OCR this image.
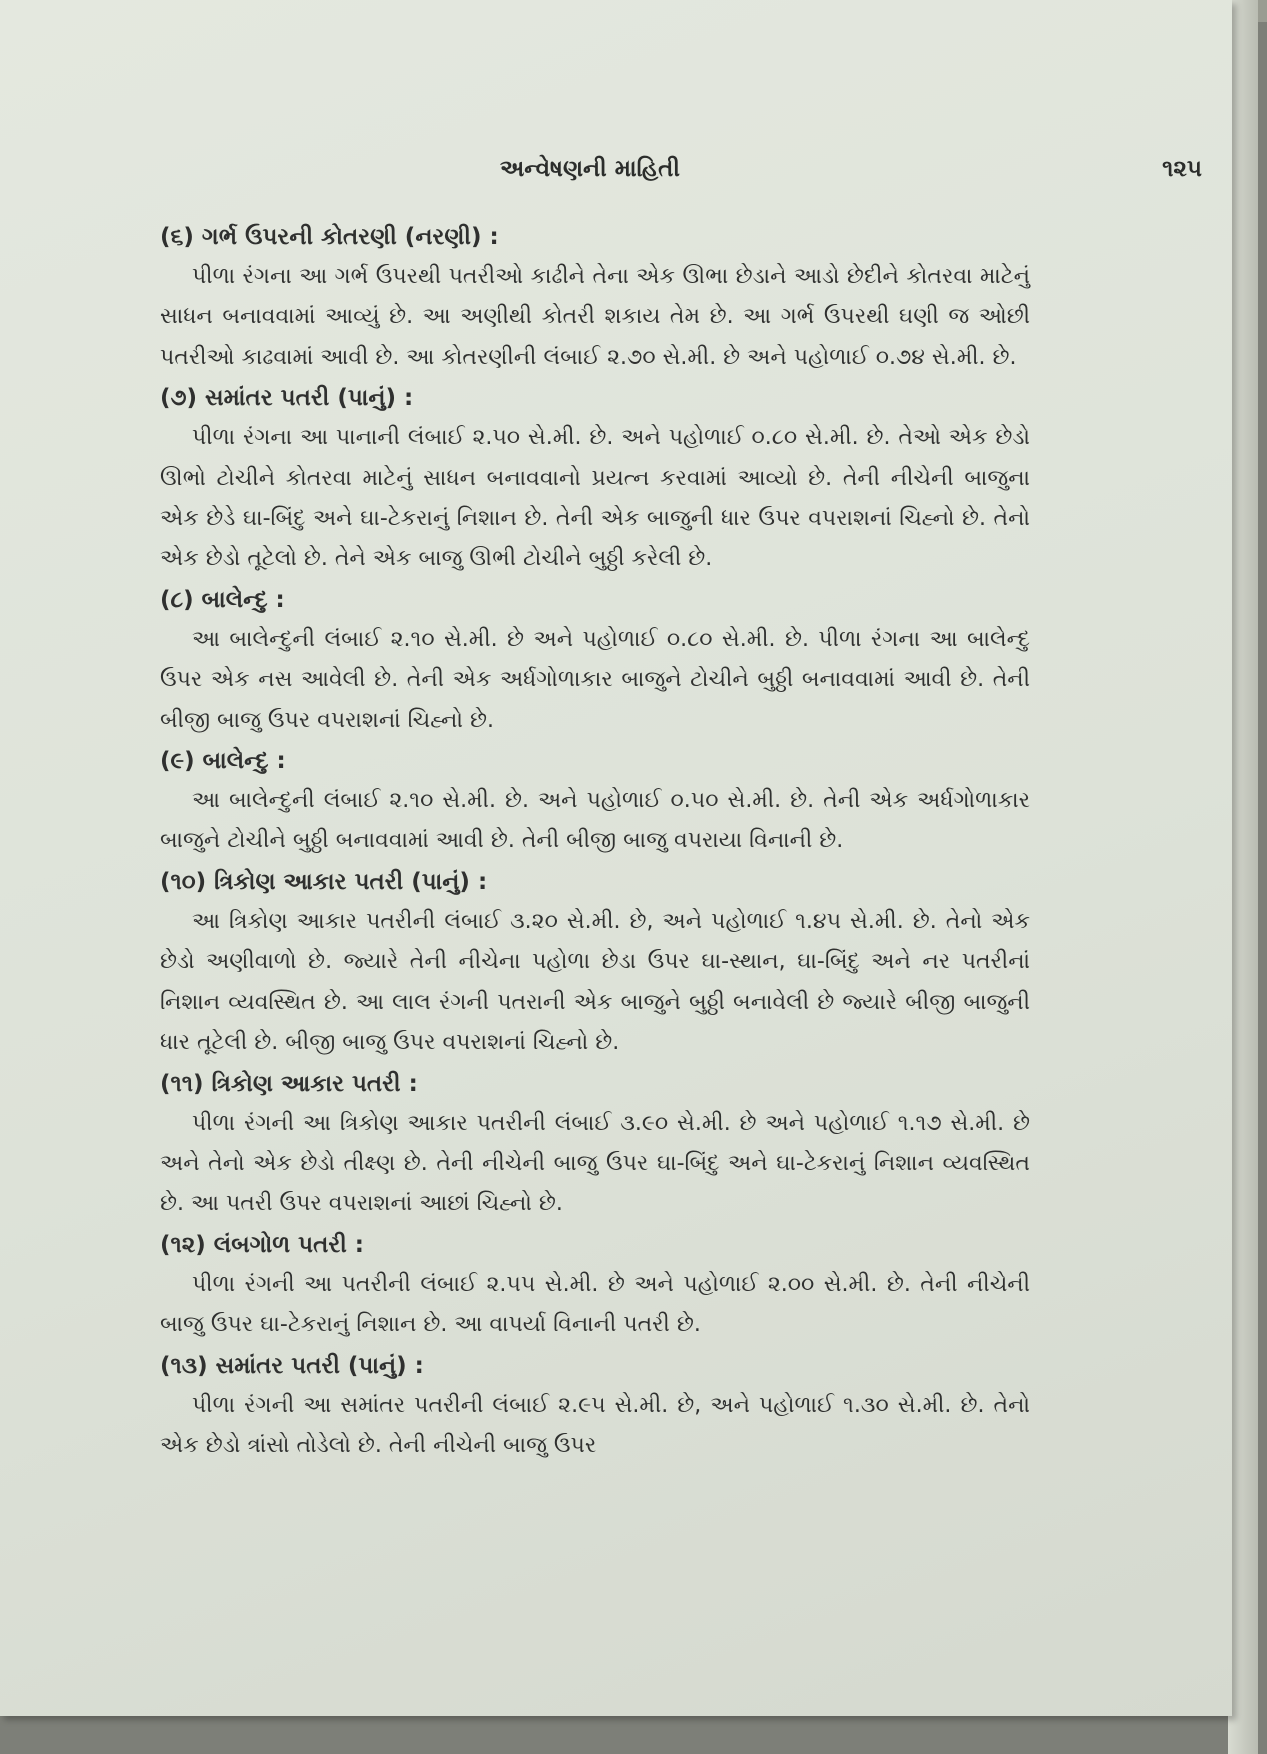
અન્વેષણની માહિતી	૧૨૫
(૬) ગર્ભ ઉપરની કોતરણી (નરણી) :

પીળા રંગના આ ગર્ભ ઉપરથી પતરીઓ કાઢીને તેના એક ઊભા છેડાને આડો છેદીને કોતરવા માટેનું સાધન બનાવવામાં આવ્યું છે. આ અણીથી કોતરી શકાય તેમ છે. આ ગર્ભ ઉપરથી ઘણી જ ઓછી પતરીઓ કાઢવામાં આવી છે. આ કોતરણીની લંબાઈ ૨.૭૦ સે.મી. છે અને પહોળાઈ ૦.૭૪ સે.મી. છે.

(૭) સમાંતર પતરી (પાનું) :

પીળા રંગના આ પાનાની લંબાઈ ૨.૫૦ સે.મી. છે. અને પહોળાઈ ૦.૮૦ સે.મી. છે. તેઓ એક છેડો ઊભો ટોચીને કોતરવા માટેનું સાધન બનાવવાનો પ્રયત્ન કરવામાં આવ્યો છે. તેની નીચેની બાજુના એક છેડે ઘા-બિંદુ અને ઘા-ટેકરાનું નિશાન છે. તેની એક બાજુની ધાર ઉપર વપરાશનાં ચિહ્નો છે. તેનો એક છેડો તૂટેલો છે. તેને એક બાજુ ઊભી ટોચીને બુઠ્ઠી કરેલી છે.

(૮) બાલેન્દુ :

આ બાલેન્દુની લંબાઈ ૨.૧૦ સે.મી. છે અને પહોળાઈ ૦.૮૦ સે.મી. છે. પીળા રંગના આ બાલેન્દુ ઉપર એક નસ આવેલી છે. તેની એક અર્ધગોળાકાર બાજુને ટોચીને બુઠ્ઠી બનાવવામાં આવી છે. તેની બીજી બાજુ ઉપર વપરાશનાં ચિહ્નો છે.

(૯) બાલેન્દુ :

આ બાલેન્દુની લંબાઈ ૨.૧૦ સે.મી. છે. અને પહોળાઈ ૦.૫૦ સે.મી. છે. તેની એક અર્ધગોળાકાર બાજુને ટોચીને બુઠ્ઠી બનાવવામાં આવી છે. તેની બીજી બાજુ વપરાયા વિનાની છે.

(૧૦) ત્રિકોણ આકાર પતરી (પાનું) :

આ ત્રિકોણ આકાર પતરીની લંબાઈ ૩.૨૦ સે.મી. છે, અને પહોળાઈ ૧.૪૫ સે.મી. છે. તેનો એક છેડો અણીવાળો છે. જ્યારે તેની નીચેના પહોળા છેડા ઉપર ઘા-સ્થાન, ઘા-બિંદુ અને નર પતરીનાં નિશાન વ્યવસ્થિત છે. આ લાલ રંગની પતરાની એક બાજુને બુઠ્ઠી બનાવેલી છે જ્યારે બીજી બાજુની ધાર તૂટેલી છે. બીજી બાજુ ઉપર વપરાશનાં ચિહ્નો છે.

(૧૧) ત્રિકોણ આકાર પતરી :

પીળા રંગની આ ત્રિકોણ આકાર પતરીની લંબાઈ ૩.૯૦ સે.મી. છે અને પહોળાઈ ૧.૧૭ સે.મી. છે અને તેનો એક છેડો તીક્ષ્ણ છે. તેની નીચેની બાજુ ઉપર ઘા-બિંદુ અને ઘા-ટેકરાનું નિશાન વ્યવસ્થિત છે. આ પતરી ઉપર વપરાશનાં આછાં ચિહ્નો છે.

(૧૨) લંબગોળ પતરી :

પીળા રંગની આ પતરીની લંબાઈ ૨.૫૫ સે.મી. છે અને પહોળાઈ ૨.૦૦ સે.મી. છે. તેની નીચેની બાજુ ઉપર ઘા-ટેકરાનું નિશાન છે. આ વાપર્યા વિનાની પતરી છે.

(૧૩) સમાંતર પતરી (પાનું) :

પીળા રંગની આ સમાંતર પતરીની લંબાઈ ૨.૯૫ સે.મી. છે, અને પહોળાઈ ૧.૩૦ સે.મી. છે. તેનો એક છેડો ત્રાંસો તોડેલો છે. તેની નીચેની બાજુ ઉપર
